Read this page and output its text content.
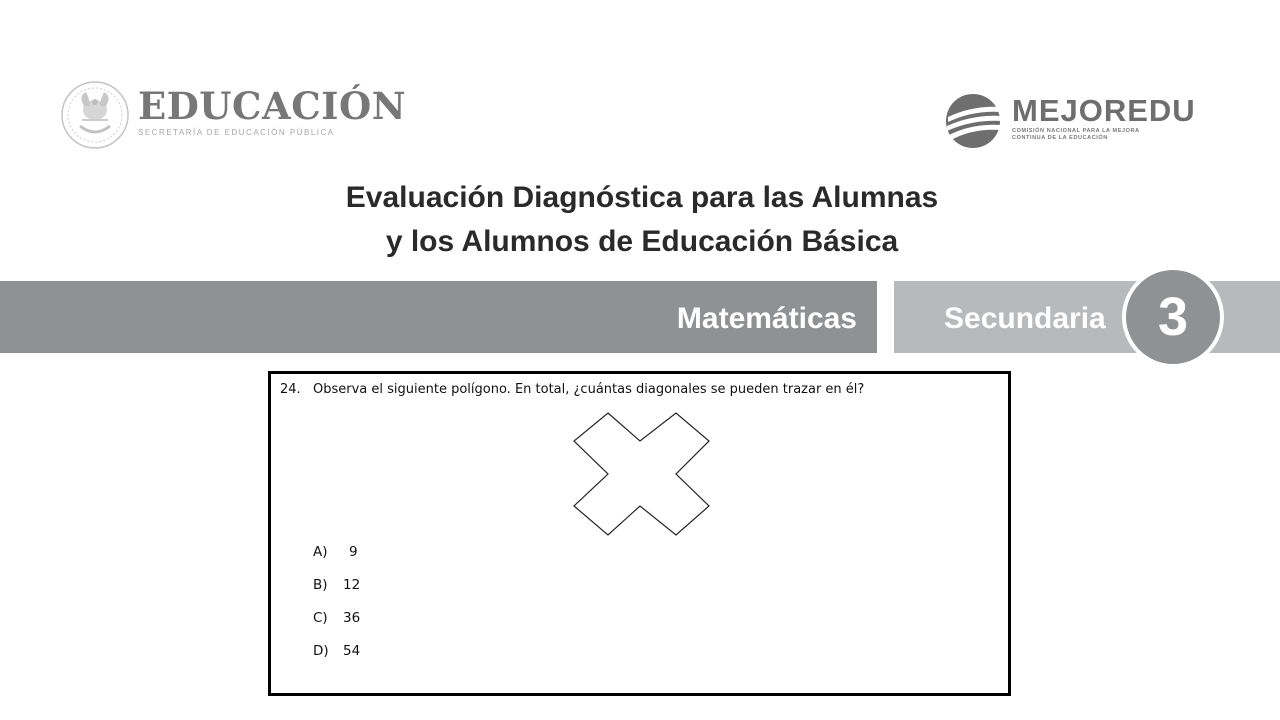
EDUCACIÓN
SECRETARÍA DE EDUCACIÓN PÚBLICA
MEJOREDU
COMISIÓN NACIONAL PARA LA MEJORA
CONTINUA DE LA EDUCACIÓN
Evaluación Diagnóstica para las Alumnas
y los Alumnos de Educación Básica
Matemáticas	Secundaria 3
24. Observa el siguiente polígono. En total, ¿cuántas diagonales se pueden trazar en él?
A) 9
B) 12
C) 36
D) 54
